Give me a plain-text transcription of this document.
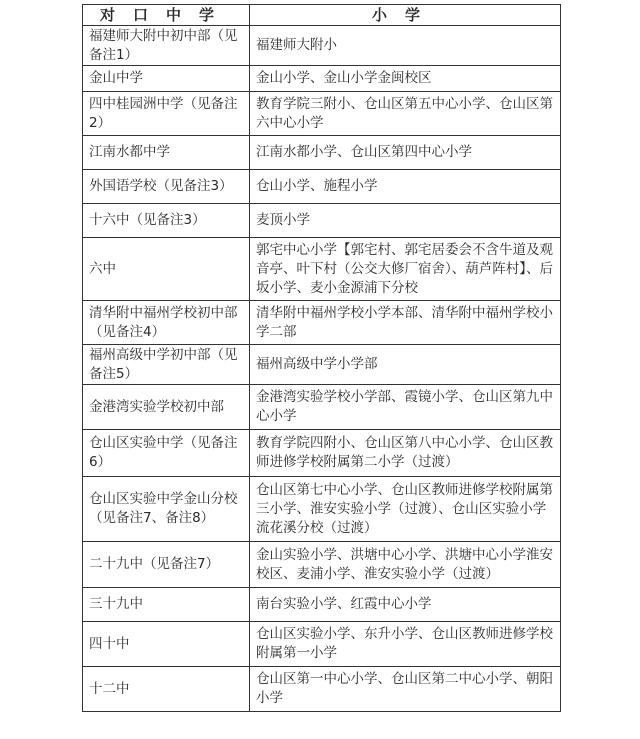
对口中学	小学
福建师大附中初中部（见备注1）	福建师大附小
金山中学	金山小学、金山小学金闽校区
四中桂园洲中学（见备注2）	教育学院三附小、仓山区第五中心小学、仓山区第六中心小学
江南水都中学	江南水都小学、仓山区第四中心小学
外国语学校（见备注3）	仓山小学、施程小学
十六中（见备注3）	麦顶小学
六中	郭宅中心小学【郭宅村、郭宅居委会不含牛道及观音亭、叶下村（公交大修厂宿舍）、葫芦阵村】、后坂小学、麦小金源浦下分校
清华附中福州学校初中部（见备注4）	清华附中福州学校小学本部、清华附中福州学校小学二部
福州高级中学初中部（见备注5）	福州高级中学小学部
金港湾实验学校初中部	金港湾实验学校小学部、霞镜小学、仓山区第九中心小学
仓山区实验中学（见备注6）	教育学院四附小、仓山区第八中心小学、仓山区教师进修学校附属第二小学（过渡）
仓山区实验中学金山分校（见备注7、备注8）	仓山区第七中心小学、仓山区教师进修学校附属第三小学、淮安实验小学（过渡）、仓山区实验小学流花溪分校（过渡）
二十九中（见备注7）	金山实验小学、洪塘中心小学、洪塘中心小学淮安校区、麦浦小学、淮安实验小学（过渡）
三十九中	南台实验小学、红霞中心小学
四十中	仓山区实验小学、东升小学、仓山区教师进修学校附属第一小学
十二中	仓山区第一中心小学、仓山区第二中心小学、朝阳小学
